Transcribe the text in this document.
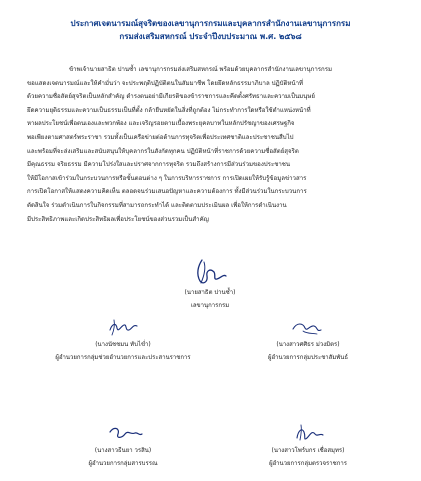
ประกาศเจตนารมณ์สุจริตของเลขานุการกรมและบุคลากรสำนักงานเลขานุการกรม
กรมส่งเสริมสหกรณ์ ประจำปีงบประมาณ พ.ศ. ๒๕๖๘

ข้าพเจ้านายสาธิต ปานซ้ำ เลขานุการกรมส่งเสริมสหกรณ์ พร้อมด้วยบุคลากรสำนักงานเลขานุการกรม

ขอแสดงเจตนารมณ์และให้คำมั่นว่า จะประพฤติปฏิบัติตนในสัมมาชีพ โดยยึดหลักธรรมาภิบาล ปฏิบัติหน้าที่

ด้วยความซื่อสัตย์สุจริตเป็นหลักสำคัญ ดำรงตนอย่ามีเกียรติของข้าราชการและคีดตั้งศรัทธาและความเป็นมนุษย์

ยึดความยุติธรรมและความเป็นธรรมเป็นที่ตั้ง กล้ายืนหยัดในสิ่งที่ถูกต้อง ไม่กระทำการใดหรือใช้ตำแหน่งหน้าที่

หาผลประโยชน์เพื่อตนเองและพวกพ้อง และเจริญรอยตามเบื้องพระยุคลบาทในหลักปรัชญาของเศรษฐกิจ

พอเพียงตามศาสตร์พระราชา รวมทั้งเป็นเครือข่ายต่อต้านการทุจริตเพื่อประเทศชาติและประชาชนสืบไป

และพร้อมที่จะส่งเสริมและสนับสนุนให้บุคลากรในสังกัดทุกคน ปฏิบัติหน้าที่ราชการด้วยความซื่อสัตย์สุจริต

มีคุณธรรม จริยธรรม มีความโปร่งใสและปราศจากการทุจริต รวมถึงสร้างการมีส่วนร่วมของประชาชน

ให้มีโอกาสเข้าร่วมในกระบวนการหรือขั้นตอนต่าง ๆ ในการบริหารราชการ การเปิดเผยให้รับรู้ข้อมูลข่าวสาร

การเปิดโอกาสให้แสดงความคิดเห็น ตลอดจนร่วมเสนอปัญหาและความต้องการ ทั้งมีส่วนร่วมในกระบวนการ

ตัดสินใจ ร่วมดำเนินการในกิจกรรมที่สามารถกระทำได้ และติดตามประเมินผล เพื่อให้การดำเนินงาน

มีประสิทธิภาพและเกิดประสิทธิผลเพื่อประโยชน์ของส่วนรวมเป็นสำคัญ

(นายสาธิต ปานซ้ำ)
เลขานุการกรม
(นางนัชชมน ทับไข่ำ)
ผู้อำนวยการกลุ่มช่วยอำนวยการและประสานราชการ
(นางสาวศศิธร ม่วงมิตร)
ผู้อำนวยการกลุ่มประชาสัมพันธ์
(นางสาวธีนยา วรสิน)
ผู้อำนวยการกลุ่มสารบรรณ
(นางสาวโพร์บกร เชื่อสมุทร)
ผู้อำนวยการกลุ่มตรวจราชการ
